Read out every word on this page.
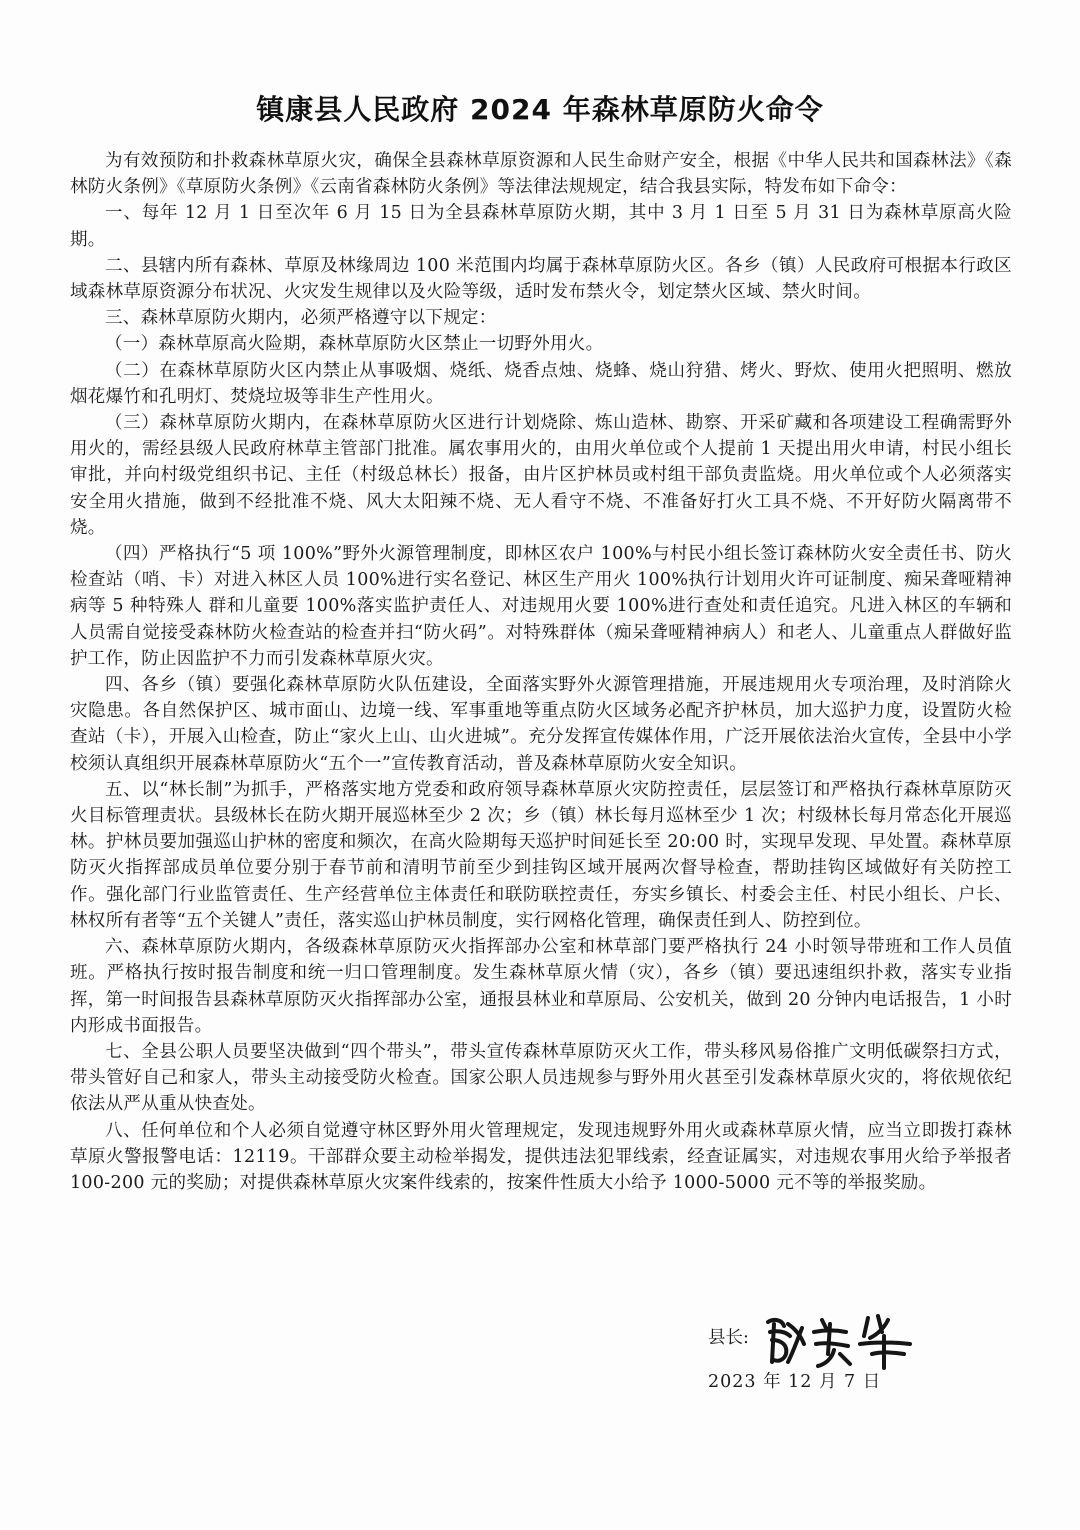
镇康县人民政府 2024 年森林草原防火命令

为有效预防和扑救森林草原火灾，确保全县森林草原资源和人民生命财产安全，根据《中华人民共和国森林法》《森林防火条例》《草原防火条例》《云南省森林防火条例》等法律法规规定，结合我县实际，特发布如下命令：

一、每年 12 月 1 日至次年 6 月 15 日为全县森林草原防火期，其中 3 月 1 日至 5 月 31 日为森林草原高火险期。

二、县辖内所有森林、草原及林缘周边 100 米范围内均属于森林草原防火区。各乡（镇）人民政府可根据本行政区域森林草原资源分布状况、火灾发生规律以及火险等级，适时发布禁火令，划定禁火区域、禁火时间。

三、森林草原防火期内，必须严格遵守以下规定：

（一）森林草原高火险期，森林草原防火区禁止一切野外用火。

（二）在森林草原防火区内禁止从事吸烟、烧纸、烧香点烛、烧蜂、烧山狩猎、烤火、野炊、使用火把照明、燃放烟花爆竹和孔明灯、焚烧垃圾等非生产性用火。

（三）森林草原防火期内，在森林草原防火区进行计划烧除、炼山造林、勘察、开采矿藏和各项建设工程确需野外用火的，需经县级人民政府林草主管部门批准。属农事用火的，由用火单位或个人提前 1 天提出用火申请，村民小组长审批，并向村级党组织书记、主任（村级总林长）报备，由片区护林员或村组干部负责监烧。用火单位或个人必须落实安全用火措施，做到不经批准不烧、风大太阳辣不烧、无人看守不烧、不准备好打火工具不烧、不开好防火隔离带不烧。

（四）严格执行“5 项 100%”野外火源管理制度，即林区农户 100%与村民小组长签订森林防火安全责任书、防火检查站（哨、卡）对进入林区人员 100%进行实名登记、林区生产用火 100%执行计划用火许可证制度、痴呆聋哑精神病等 5 种特殊人 群和儿童要 100%落实监护责任人、对违规用火要 100%进行查处和责任追究。凡进入林区的车辆和人员需自觉接受森林防火检查站的检查并扫“防火码”。对特殊群体（痴呆聋哑精神病人）和老人、儿童重点人群做好监护工作，防止因监护不力而引发森林草原火灾。

四、各乡（镇）要强化森林草原防火队伍建设，全面落实野外火源管理措施，开展违规用火专项治理，及时消除火灾隐患。各自然保护区、城市面山、边境一线、军事重地等重点防火区域务必配齐护林员，加大巡护力度，设置防火检查站（卡），开展入山检查，防止“家火上山、山火进城”。充分发挥宣传媒体作用，广泛开展依法治火宣传，全县中小学校须认真组织开展森林草原防火“五个一”宣传教育活动，普及森林草原防火安全知识。

五、以“林长制”为抓手，严格落实地方党委和政府领导森林草原火灾防控责任，层层签订和严格执行森林草原防灭火目标管理责状。县级林长在防火期开展巡林至少 2 次；乡（镇）林长每月巡林至少 1 次；村级林长每月常态化开展巡林。护林员要加强巡山护林的密度和频次，在高火险期每天巡护时间延长至 20:00 时，实现早发现、早处置。森林草原防灭火指挥部成员单位要分别于春节前和清明节前至少到挂钩区域开展两次督导检查，帮助挂钩区域做好有关防控工作。强化部门行业监管责任、生产经营单位主体责任和联防联控责任，夯实乡镇长、村委会主任、村民小组长、户长、林权所有者等“五个关键人”责任，落实巡山护林员制度，实行网格化管理，确保责任到人、防控到位。

六、森林草原防火期内，各级森林草原防灭火指挥部办公室和林草部门要严格执行 24 小时领导带班和工作人员值班。严格执行按时报告制度和统一归口管理制度。发生森林草原火情（灾），各乡（镇）要迅速组织扑救，落实专业指挥，第一时间报告县森林草原防灭火指挥部办公室，通报县林业和草原局、公安机关，做到 20 分钟内电话报告，1 小时内形成书面报告。

七、全县公职人员要坚决做到“四个带头”，带头宣传森林草原防灭火工作，带头移风易俗推广文明低碳祭扫方式，带头管好自己和家人，带头主动接受防火检查。国家公职人员违规参与野外用火甚至引发森林草原火灾的，将依规依纪依法从严从重从快查处。

八、任何单位和个人必须自觉遵守林区野外用火管理规定，发现违规野外用火或森林草原火情，应当立即拨打森林草原火警报警电话：12119。干部群众要主动检举揭发，提供违法犯罪线索，经查证属实，对违规农事用火给予举报者 100-200 元的奖励；对提供森林草原火灾案件线索的，按案件性质大小给予 1000-5000 元不等的举报奖励。

县长:
2023 年 12 月 7 日
